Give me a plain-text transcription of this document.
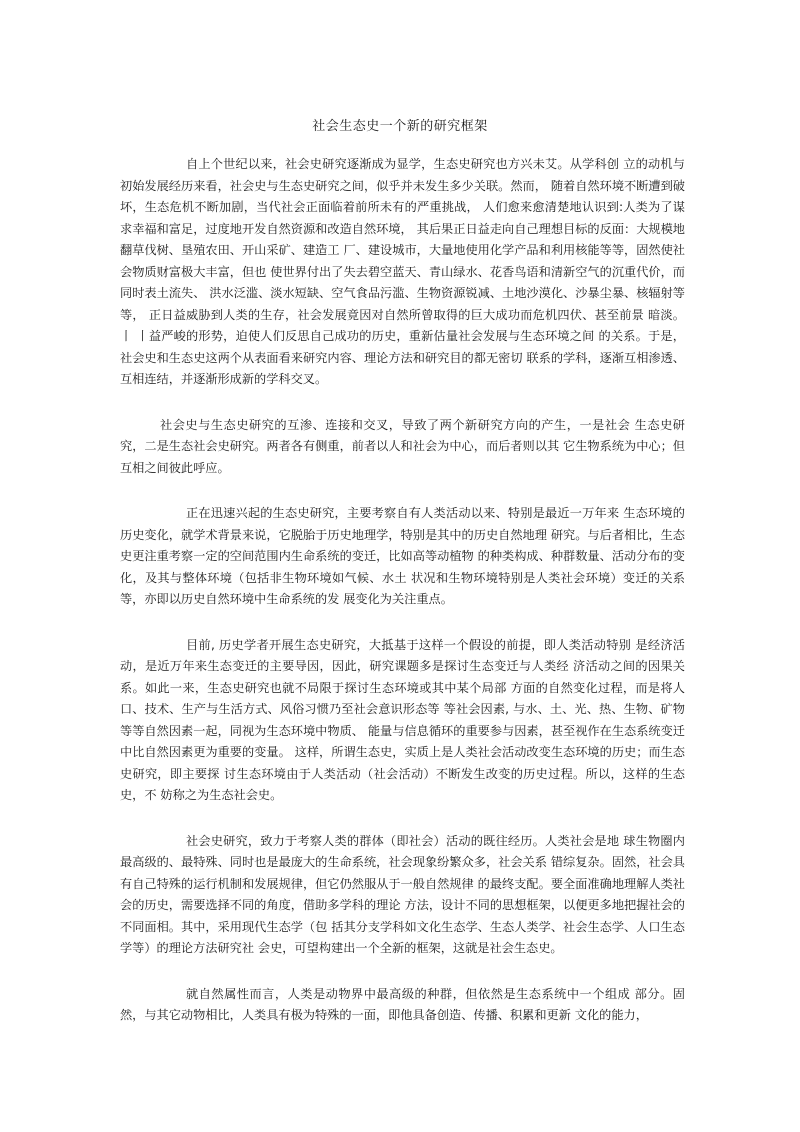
社会生态史一个新的研究框架

自上个世纪以来，社会史研究逐渐成为显学，生态史研究也方兴未艾。从学科创 立的动机与初始发展经历来看，社会史与生态史研究之间，似乎并未发生多少关联。然而， 随着自然环境不断遭到破坏，生态危机不断加剧，当代社会正面临着前所未有的严重挑战， 人们愈来愈清楚地认识到:人类为了谋求幸福和富足，过度地开发自然资源和改造自然环境， 其后果正日益走向自己理想目标的反面：大规模地翻草伐树、垦殖农田、开山采矿、建造工 厂、建设城市，大量地使用化学产品和利用核能等等，固然使社会物质财富极大丰富，但也 使世界付出了失去碧空蓝天、青山绿水、花香鸟语和清新空气的沉重代价，而同时表土流失、 洪水泛滥、淡水短缺、空气食品污滥、生物资源锐减、土地沙漠化、沙暴尘暴、核辐射等等， 正日益威胁到人类的生存，社会发展竟因对自然所曾取得的巨大成功而危机四伏、甚至前景 暗淡。丨 丨益严峻的形势，迫使人们反思自己成功的历史，重新估量社会发展与生态环境之间 的关系。于是，社会史和生态史这两个从表面看来研究内容、理论方法和研究目的都无密切 联系的学科，逐渐互相渗透、互相连结，并逐渐形成新的学科交叉。

社会史与生态史研究的互渗、连接和交叉，导致了两个新研究方向的产生，一是社会 生态史研究，二是生态社会史研究。两者各有侧重，前者以人和社会为中心，而后者则以其 它生物系统为中心；但互相之间彼此呼应。

正在迅速兴起的生态史研究，主要考察自有人类活动以来、特别是最近一万年来 生态环境的历史变化，就学术背景来说，它脱胎于历史地理学，特别是其中的历史自然地理 研究。与后者相比，生态史更注重考察一定的空间范围内生命系统的变迁，比如高等动植物 的种类构成、种群数量、活动分布的变化，及其与整体环境（包括非生物环境如气候、水土 状况和生物环境特别是人类社会环境）变迁的关系等，亦即以历史自然环境中生命系统的发 展变化为关注重点。

目前, 历史学者开展生态史研究，大抵基于这样一个假设的前提，即人类活动特别 是经济活动，是近万年来生态变迁的主要导因，因此，研究课题多是探讨生态变迁与人类经 济活动之间的因果关系。如此一来，生态史研究也就不局限于探讨生态环境或其中某个局部 方面的自然变化过程，而是将人口、技术、生产与生活方式、风俗习惯乃至社会意识形态等 等社会因素, 与水、土、光、热、生物、矿物等等自然因素一起，同视为生态环境中物质、 能量与信息循环的重要参与因素，甚至视作在生态系统变迁中比自然因素更为重要的变量。 这样，所谓生态史，实质上是人类社会活动改变生态环境的历史；而生态史研究，即主要探 讨生态环境由于人类活动（社会活动）不断发生改变的历史过程。所以，这样的生态史，不 妨称之为生态社会史。

社会史研究，致力于考察人类的群体（即社会）活动的既往经历。人类社会是地 球生物圈内最高级的、最特殊、同时也是最庞大的生命系统，社会现象纷繁众多，社会关系 错综复杂。固然，社会具有自己特殊的运行机制和发展规律，但它仍然服从于一般自然规律 的最终支配。要全面准确地理解人类社会的历史，需要选择不同的角度，借助多学科的理论 方法，设计不同的思想框架，以便更多地把握社会的不同面相。其中，采用现代生态学（包 括其分支学科如文化生态学、生态人类学、社会生态学、人口生态学等）的理论方法研究社 会史，可望构建出一个全新的框架，这就是社会生态史。

就自然属性而言，人类是动物界中最高级的种群，但依然是生态系统中一个组成 部分。固然，与其它动物相比，人类具有极为特殊的一面，即他具备创造、传播、积累和更新 文化的能力，
